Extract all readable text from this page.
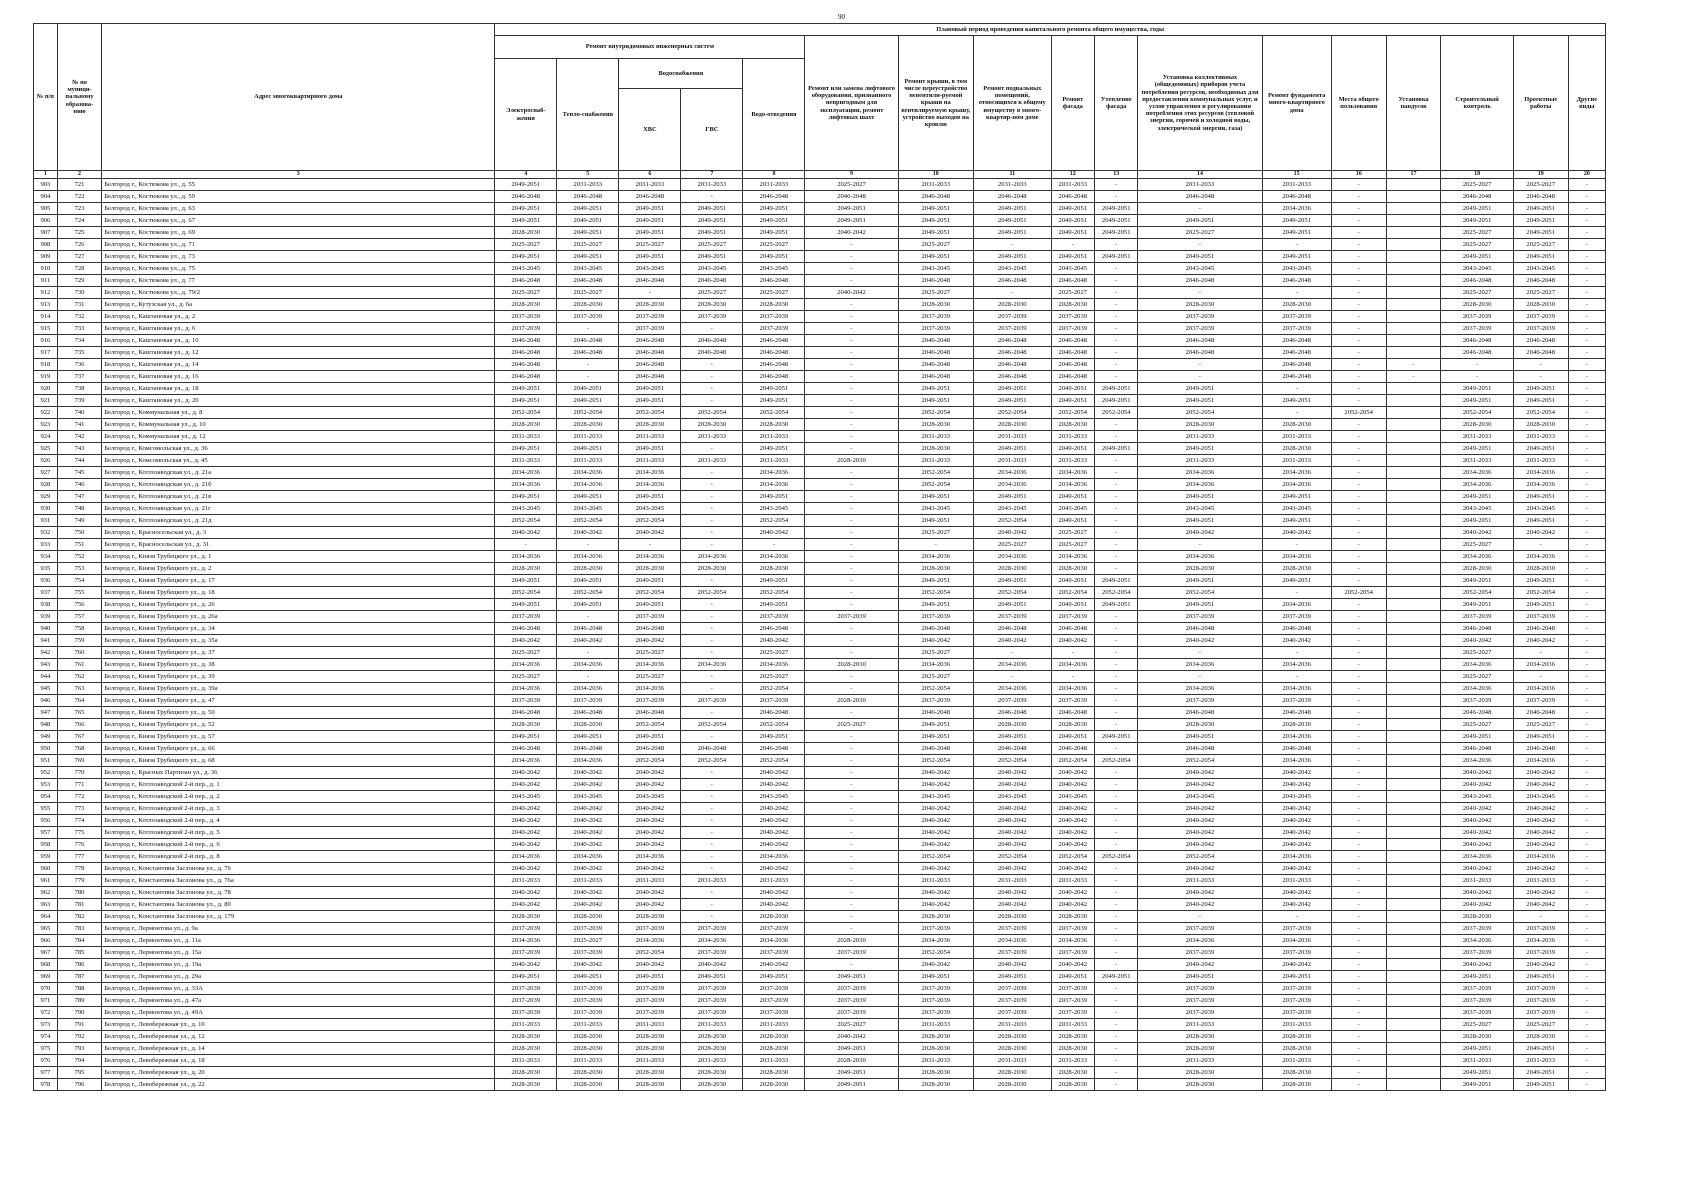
90
№ п/п	№ по муници-пальному образова-нию	Адрес многоквартирного дома	Плановый период проведения капитального ремонта общего имущества, годы																
			Ремонт внутридомовых инженерных систем					Ремонт или замена лифтового оборудования, признанного непригодным для эксплуатации, ремонт лифтовых шахт	Ремонт крыши, в том числе переустройство невентили-руемой крыши на вентилируемую крышу, устройство выходов на кровлю	Ремонт подвальных помещений, относящихся к общему имуществу в много-квартир-ном доме	Ремонт фасада	Утепление фасада	Установка коллективных (общедомовых) приборов учета потребления ресурсов, необходимых для предоставления коммунальных услуг, и узлов управления и регулирования потребления этих ресурсов (тепловой энергии, горячей и холодной воды, электрической энергии, газа)	Ремонт фундамента много-квартирного дома	Места общего пользования	Установка пандусов	Строительный контроль	Проектные работы	Другие виды
			Электроснаб-жения	Тепло-снабжения	Водоснабжения		Водо-отведения												
					ХВС	ГВС													
1	2	3	4	5	6	7	8	9	10	11	12	13	14	15	16	17	18	19	20
903	721	Белгород г., Костюкова ул., д. 55	2049-2051	2031-2033	2031-2033	2031-2033	2031-2033	2025-2027	2031-2033	2031-2033	2031-2033	-	2031-2033	2031-2033	-		2025-2027	2025-2027	-
904	722	Белгород г., Костюкова ул., д. 59	2046-2048	2046-2048	2046-2048	-	2046-2048	2046-2048	2046-2048	2046-2048	2046-2048	-	2046-2048	2046-2048	-		2046-2048	2046-2048	-
905	723	Белгород г., Костюкова ул., д. 63	2049-2051	2049-2051	2049-2051	2049-2051	2049-2051	2049-2051	2049-2051	2049-2051	2049-2051	2049-2051	-	2034-2036	-		2049-2051	2049-2051	-
906	724	Белгород г., Костюкова ул., д. 67	2049-2051	2049-2051	2049-2051	2049-2051	2049-2051	2049-2051	2049-2051	2049-2051	2049-2051	2049-2051	2049-2051	2049-2051	-		2049-2051	2049-2051	-
907	725	Белгород г., Костюкова ул., д. 69	2028-2030	2049-2051	2049-2051	2049-2051	2049-2051	2040-2042	2049-2051	2049-2051	2049-2051	2049-2051	2025-2027	2049-2051	-		2025-2027	2049-2051	-
908	726	Белгород г., Костюкова ул., д. 71	2025-2027	2025-2027	2025-2027	2025-2027	2025-2027	-	2025-2027	-	-	-	-	-	-		2025-2027	2025-2027	-
909	727	Белгород г., Костюкова ул., д. 73	2049-2051	2049-2051	2049-2051	2049-2051	2049-2051	-	2049-2051	2049-2051	2049-2051	2049-2051	2049-2051	2049-2051	-		2049-2051	2049-2051	-
910	728	Белгород г., Костюкова ул., д. 75	2043-2045	2043-2045	2043-2045	2043-2045	2043-2045	-	2043-2045	2043-2045	2043-2045	-	2043-2045	2043-2045	-		2043-2045	2043-2045	-
911	729	Белгород г., Костюкова ул., д. 77	2046-2048	2046-2048	2046-2048	2046-2048	2046-2048	-	2046-2048	2046-2048	2046-2048	-	2046-2048	2046-2048	-		2046-2048	2046-2048	-
912	730	Белгород г., Костюкова ул., д. 79/2	2025-2027	2025-2027	-	2025-2027	2025-2027	2040-2042	2025-2027	-	2025-2027	-	-	-	-		2025-2027	2025-2027	-
913	731	Белгород г., Кутузская ул., д. 6а	2028-2030	2028-2030	2028-2030	2028-2030	2028-2030	-	2028-2030	2028-2030	2028-2030	-	2028-2030	2028-2030	-		2028-2030	2028-2030	-
914	732	Белгород г., Каштановая ул., д. 2	2037-2039	2037-2039	2037-2039	2037-2039	2037-2039	-	2037-2039	2037-2039	2037-2039	-	2037-2039	2037-2039	-		2037-2039	2037-2039	-
915	733	Белгород г., Каштановая ул., д. 6	2037-2039	-	2037-2039	-	2037-2039	-	2037-2039	2037-2039	2037-2039	-	2037-2039	2037-2039	-		2037-2039	2037-2039	-
916	734	Белгород г., Каштановая ул., д. 10	2046-2048	2046-2048	2046-2048	2046-2048	2046-2048	-	2046-2048	2046-2048	2046-2048	-	2046-2048	2046-2048	-		2046-2048	2046-2048	-
917	735	Белгород г., Каштановая ул., д. 12	2046-2048	2046-2048	2046-2048	2046-2048	2046-2048	-	2046-2048	2046-2048	2046-2048	-	2046-2048	2046-2048	-		2046-2048	2046-2048	-
918	736	Белгород г., Каштановая ул., д. 14	2046-2048	-	2046-2048	-	2046-2048	-	2046-2048	2046-2048	2046-2048	-	-	2046-2048	-	-	-	-	-
919	737	Белгород г., Каштановая ул., д. 16	2046-2048	-	2046-2048	-	2046-2048	-	2046-2048	2046-2048	2046-2048	-	-	2046-2048	-	-	-	-	-
920	738	Белгород г., Каштановая ул., д. 18	2049-2051	2049-2051	2049-2051	-	2049-2051	-	2049-2051	2049-2051	2049-2051	2049-2051	2049-2051	-	-		2049-2051	2049-2051	-
921	739	Белгород г., Каштановая ул., д. 20	2049-2051	2049-2051	2049-2051	-	2049-2051	-	2049-2051	2049-2051	2049-2051	2049-2051	2049-2051	2049-2051	-		2049-2051	2049-2051	-
922	740	Белгород г., Коммунальная ул., д. 8	2052-2054	2052-2054	2052-2054	2052-2054	2052-2054	-	2052-2054	2052-2054	2052-2054	2052-2054	2052-2054	-	2052-2054		2052-2054	2052-2054	-
923	741	Белгород г., Коммунальная ул., д. 10	2028-2030	2028-2030	2028-2030	2028-2030	2028-2030	-	2028-2030	2028-2030	2028-2030	-	2028-2030	2028-2030	-		2028-2030	2028-2030	-
924	742	Белгород г., Коммунальная ул., д. 12	2031-2033	2031-2033	2031-2033	2031-2033	2031-2033	-	2031-2033	2031-2033	2031-2033	-	2031-2033	2031-2033	-		2031-2033	2031-2033	-
925	743	Белгород г., Комсомольская ул., д. 36	2049-2051	2049-2051	2049-2051	-	2049-2051	-	2028-2030	2049-2051	2049-2051	2049-2051	2049-2051	2028-2030	-		2049-2051	2049-2051	-
926	744	Белгород г., Комсомольская ул., д. 45	2031-2033	2031-2033	2031-2033	2031-2033	2031-2033	2028-2030	2031-2033	2031-2033	2031-2033	-	2031-2033	2031-2033	-		2031-2033	2031-2033	-
927	745	Белгород г., Котлозаводская ул., д. 21а	2034-2036	2034-2036	2034-2036	-	2034-2036	-	2052-2054	2034-2036	2034-2036	-	2034-2036	2034-2036	-		2034-2036	2034-2036	-
928	746	Белгород г., Котлозаводская ул., д. 21б	2034-2036	2034-2036	2034-2036	-	2034-2036	-	2052-2054	2034-2036	2034-2036	-	2034-2036	2034-2036	-		2034-2036	2034-2036	-
929	747	Белгород г., Котлозаводская ул., д. 21в	2049-2051	2049-2051	2049-2051	-	2049-2051	-	2049-2051	2049-2051	2049-2051	-	2049-2051	2049-2051	-		2049-2051	2049-2051	-
930	748	Белгород г., Котлозаводская ул., д. 21г	2043-2045	2043-2045	2043-2045	-	2043-2045	-	2043-2045	2043-2045	2043-2045	-	2043-2045	2043-2045	-		2043-2045	2043-2045	-
931	749	Белгород г., Котлозаводская ул., д. 21д	2052-2054	2052-2054	2052-2054	-	2052-2054	-	2049-2051	2052-2054	2049-2051	-	2049-2051	2049-2051	-		2049-2051	2049-2051	-
932	750	Белгород г., Красносельская ул., д. 3	2040-2042	2040-2042	2040-2042	-	2040-2042	-	2025-2027	2040-2042	2025-2027	-	2040-2042	2040-2042	-		2040-2042	2040-2042	-
933	751	Белгород г., Красносельская ул., д. 31	-	-	-	-	-	-	-	2025-2027	2025-2027	-	-	-	-		2025-2027	-	-
934	752	Белгород г., Князя Трубецкого ул., д. 1	2034-2036	2034-2036	2034-2036	2034-2036	2034-2036	-	2034-2036	2034-2036	2034-2036	-	2034-2036	2034-2036	-		2034-2036	2034-2036	-
935	753	Белгород г., Князя Трубецкого ул., д. 2	2028-2030	2028-2030	2028-2030	2028-2030	2028-2030	-	2028-2030	2028-2030	2028-2030	-	2028-2030	2028-2030	-		2028-2030	2028-2030	-
936	754	Белгород г., Князя Трубецкого ул., д. 17	2049-2051	2049-2051	2049-2051	-	2049-2051	-	2049-2051	2049-2051	2049-2051	2049-2051	2049-2051	2049-2051	-		2049-2051	2049-2051	-
937	755	Белгород г., Князя Трубецкого ул., д. 18	2052-2054	2052-2054	2052-2054	2052-2054	2052-2054	-	2052-2054	2052-2054	2052-2054	2052-2054	2052-2054	-	2052-2054		2052-2054	2052-2054	-
938	756	Белгород г., Князя Трубецкого ул., д. 26	2049-2051	2049-2051	2049-2051	-	2049-2051	-	2049-2051	2049-2051	2049-2051	2049-2051	2049-2051	2034-2036	-		2049-2051	2049-2051	-
939	757	Белгород г., Князя Трубецкого ул., д. 26а	2037-2039	-	2037-2039	-	2037-2039	2037-2039	2037-2039	2037-2039	2037-2039	-	2037-2039	2037-2039	-		2037-2039	2037-2039	-
940	758	Белгород г., Князя Трубецкого ул., д. 34	2046-2048	2046-2048	2046-2048	-	2046-2048	-	2046-2048	2046-2048	2046-2048	-	2046-2048	2046-2048	-		2046-2048	2046-2048	-
941	759	Белгород г., Князя Трубецкого ул., д. 35а	2040-2042	2040-2042	2040-2042	-	2040-2042	-	2040-2042	2040-2042	2040-2042	-	2040-2042	2040-2042	-		2040-2042	2040-2042	-
942	760	Белгород г., Князя Трубецкого ул., д. 37	2025-2027	-	2025-2027	-	2025-2027	-	2025-2027	-	-	-	-	-	-		2025-2027	-	-
943	761	Белгород г., Князя Трубецкого ул., д. 38	2034-2036	2034-2036	2034-2036	2034-2036	2034-2036	2028-2030	2034-2036	2034-2036	2034-2036	-	2034-2036	2034-2036	-		2034-2036	2034-2036	-
944	762	Белгород г., Князя Трубецкого ул., д. 39	2025-2027	-	2025-2027	-	2025-2027	-	2025-2027	-	-	-	-	-	-		2025-2027	-	-
945	763	Белгород г., Князя Трубецкого ул., д. 39а	2034-2036	2034-2036	2034-2036	-	2052-2054	-	2052-2054	2034-2036	2034-2036	-	2034-2036	2034-2036	-		2034-2036	2034-2036	-
946	764	Белгород г., Князя Трубецкого ул., д. 47	2037-2039	2037-2039	2037-2039	2037-2039	2037-2039	2028-2030	2037-2039	2037-2039	2037-2039	-	2037-2039	2037-2039	-		2037-2039	2037-2039	-
947	765	Белгород г., Князя Трубецкого ул., д. 50	2046-2048	2046-2048	2046-2048	-	2046-2048	-	2046-2048	2046-2048	2046-2048	-	2046-2048	2046-2048	-		2046-2048	2046-2048	-
948	766	Белгород г., Князя Трубецкого ул., д. 52	2028-2030	2028-2030	2052-2054	2052-2054	2052-2054	2025-2027	2049-2051	2028-2030	2028-2030	-	2028-2030	2028-2030	-		2025-2027	2025-2027	-
949	767	Белгород г., Князя Трубецкого ул., д. 57	2049-2051	2049-2051	2049-2051	-	2049-2051	-	2049-2051	2049-2051	2049-2051	2049-2051	2049-2051	2034-2036	-		2049-2051	2049-2051	-
950	768	Белгород г., Князя Трубецкого ул., д. 66	2046-2048	2046-2048	2046-2048	2046-2048	2046-2048	-	2046-2048	2046-2048	2046-2048	-	2046-2048	2046-2048	-		2046-2048	2046-2048	-
951	769	Белгород г., Князя Трубецкого ул., д. 68	2034-2036	2034-2036	2052-2054	2052-2054	2052-2054	-	2052-2054	2052-2054	2052-2054	2052-2054	2052-2054	2034-2036	-		2034-2036	2034-2036	-
952	770	Белгород г., Красных Партизан ул., д. 36	2040-2042	2040-2042	2040-2042	-	2040-2042	-	2040-2042	2040-2042	2040-2042	-	2040-2042	2040-2042	-		2040-2042	2040-2042	-
953	771	Белгород г., Котлозаводской 2-й пер., д. 1	2040-2042	2040-2042	2040-2042	-	2040-2042	-	2040-2042	2040-2042	2040-2042	-	2040-2042	2040-2042	-		2040-2042	2040-2042	-
954	772	Белгород г., Котлозаводской 2-й пер., д. 2	2043-2045	2043-2045	2043-2045	-	2043-2045	-	2043-2045	2043-2045	2043-2045	-	2043-2045	2043-2045	-		2043-2045	2043-2045	-
955	773	Белгород г., Котлозаводской 2-й пер., д. 3	2040-2042	2040-2042	2040-2042	-	2040-2042	-	2040-2042	2040-2042	2040-2042	-	2040-2042	2040-2042	-		2040-2042	2040-2042	-
956	774	Белгород г., Котлозаводской 2-й пер., д. 4	2040-2042	2040-2042	2040-2042	-	2040-2042	-	2040-2042	2040-2042	2040-2042	-	2040-2042	2040-2042	-		2040-2042	2040-2042	-
957	775	Белгород г., Котлозаводской 2-й пер., д. 5	2040-2042	2040-2042	2040-2042	-	2040-2042	-	2040-2042	2040-2042	2040-2042	-	2040-2042	2040-2042	-		2040-2042	2040-2042	-
958	776	Белгород г., Котлозаводской 2-й пер., д. 6	2040-2042	2040-2042	2040-2042	-	2040-2042	-	2040-2042	2040-2042	2040-2042	-	2040-2042	2040-2042	-		2040-2042	2040-2042	-
959	777	Белгород г., Котлозаводской 2-й пер., д. 8	2034-2036	2034-2036	2034-2036	-	2034-2036	-	2052-2054	2052-2054	2052-2054	2052-2054	2052-2054	2034-2036	-		2034-2036	2034-2036	-
960	778	Белгород г., Константина Заслонова ул., д. 76	2040-2042	2040-2042	2040-2042	-	2040-2042	-	2040-2042	2040-2042	2040-2042	-	2040-2042	2040-2042	-		2040-2042	2040-2042	-
961	779	Белгород г., Константина Заслонова ул., д. 76а	2031-2033	2031-2033	2031-2033	2031-2033	2031-2033	-	2031-2033	2031-2033	2031-2033	-	2031-2033	2031-2033	-		2031-2033	2031-2033	-
962	780	Белгород г., Константина Заслонова ул., д. 78	2040-2042	2040-2042	2040-2042	-	2040-2042	-	2040-2042	2040-2042	2040-2042	-	2040-2042	2040-2042	-		2040-2042	2040-2042	-
963	781	Белгород г., Константина Заслонова ул., д. 80	2040-2042	2040-2042	2040-2042	-	2040-2042	-	2040-2042	2040-2042	2040-2042	-	2040-2042	2040-2042	-		2040-2042	2040-2042	-
964	782	Белгород г., Константина Заслонова ул., д. 179	2028-2030	2028-2030	2028-2030	-	2028-2030	-	2028-2030	2028-2030	2028-2030	-	-	-	-		2028-2030	-	-
965	783	Белгород г., Лермонтова ул., д. 9а	2037-2039	2037-2039	2037-2039	2037-2039	2037-2039	-	2037-2039	2037-2039	2037-2039	-	2037-2039	2037-2039	-		2037-2039	2037-2039	-
966	784	Белгород г., Лермонтова ул., д. 11а	2034-2036	2025-2027	2034-2036	2034-2036	2034-2036	2028-2030	2034-2036	2034-2036	2034-2036	-	2034-2036	2034-2036	-		2034-2036	2034-2036	-
967	785	Белгород г., Лермонтова ул., д. 15а	2037-2039	2037-2039	2052-2054	2037-2039	2037-2039	2037-2039	2052-2054	2037-2039	2037-2039	-	2037-2039	2037-2039	-		2037-2039	2037-2039	-
968	786	Белгород г., Лермонтова ул., д. 19а	2040-2042	2040-2042	2040-2042	2040-2042	2040-2042	-	2040-2042	2040-2042	2040-2042	-	2040-2042	2040-2042	-		2040-2042	2040-2042	-
969	787	Белгород г., Лермонтова ул., д. 29а	2049-2051	2049-2051	2049-2051	2049-2051	2049-2051	2049-2051	2049-2051	2049-2051	2049-2051	2049-2051	2049-2051	2049-2051	-		2049-2051	2049-2051	-
970	788	Белгород г., Лермонтова ул., д. 33А	2037-2039	2037-2039	2037-2039	2037-2039	2037-2039	2037-2039	2037-2039	2037-2039	2037-2039	-	2037-2039	2037-2039	-		2037-2039	2037-2039	-
971	789	Белгород г., Лермонтова ул., д. 47а	2037-2039	2037-2039	2037-2039	2037-2039	2037-2039	2037-2039	2037-2039	2037-2039	2037-2039	-	2037-2039	2037-2039	-		2037-2039	2037-2039	-
972	790	Белгород г., Лермонтова ул., д. 49А	2037-2039	2037-2039	2037-2039	2037-2039	2037-2039	2037-2039	2037-2039	2037-2039	2037-2039	-	2037-2039	2037-2039	-		2037-2039	2037-2039	-
973	791	Белгород г., Левобережная ул., д. 10	2031-2033	2031-2033	2031-2033	2031-2033	2031-2033	2025-2027	2031-2033	2031-2033	2031-2033	-	2031-2033	2031-2033	-		2025-2027	2025-2027	-
974	792	Белгород г., Левобережная ул., д. 12	2028-2030	2028-2030	2028-2030	2028-2030	2028-2030	2040-2042	2028-2030	2028-2030	2028-2030	-	2028-2030	2028-2030	-		2028-2030	2028-2030	-
975	793	Белгород г., Левобережная ул., д. 14	2028-2030	2028-2030	2028-2030	2028-2030	2028-2030	2049-2051	2028-2030	2028-2030	2028-2030	-	2028-2030	2028-2030	-		2049-2051	2049-2051	-
976	794	Белгород г., Левобережная ул., д. 18	2031-2033	2031-2033	2031-2033	2031-2033	2031-2033	2028-2030	2031-2033	2031-2033	2031-2033	-	2031-2033	2031-2033	-		2031-2033	2031-2033	-
977	795	Белгород г., Левобережная ул., д. 20	2028-2030	2028-2030	2028-2030	2028-2030	2028-2030	2049-2051	2028-2030	2028-2030	2028-2030	-	2028-2030	2028-2030	-		2049-2051	2049-2051	-
978	796	Белгород г., Левобережная ул., д. 22	2028-2030	2028-2030	2028-2030	2028-2030	2028-2030	2049-2051	2028-2030	2028-2030	2028-2030	-	2028-2030	2028-2030	-		2049-2051	2049-2051	-
